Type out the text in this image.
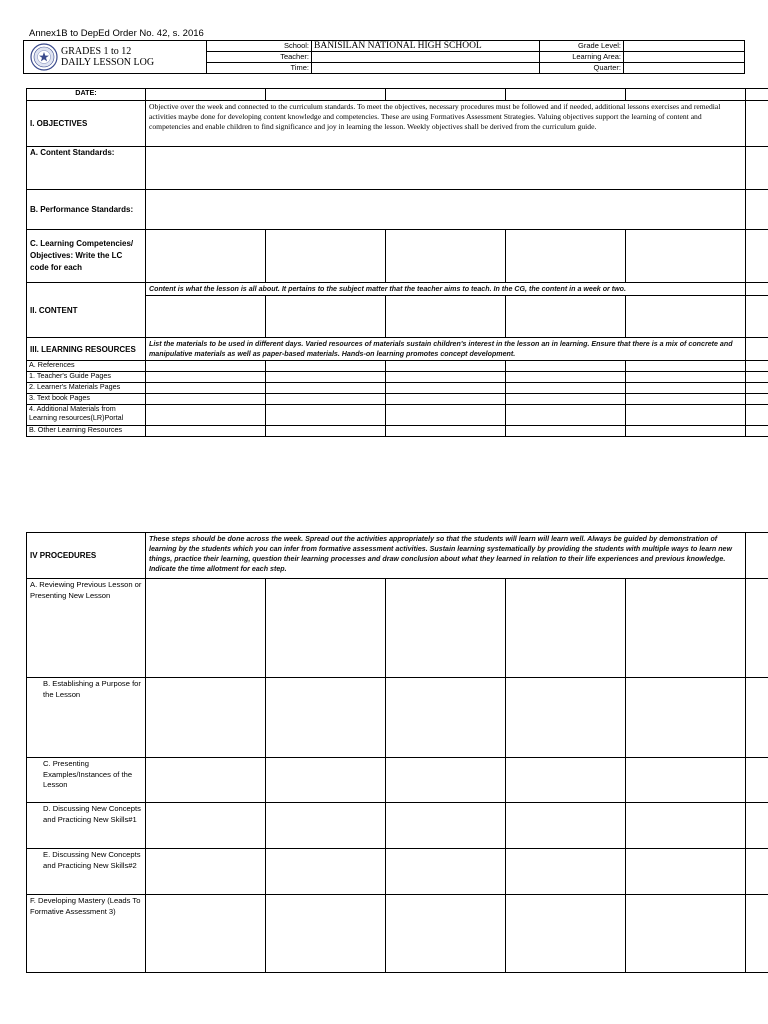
Annex1B to DepEd Order No. 42, s. 2016
GRADES 1 to 12
DAILY LESSON LOG	School:	BANISILAN NATIONAL HIGH SCHOOL	Grade Level:	
	Teacher:		Learning Area:	
	Time:		Quarter:	
DATE:						
I. OBJECTIVES	Objective over the week and connected to the curriculum standards. To meet the objectives, necessary procedures must be followed and if needed, additional lessons exercises and remedial activities maybe done for developing content knowledge and competencies. These are using Formatives Assessment Strategies. Valuing objectives support the learning of content and competencies and enable children to find significance and joy in learning the lesson. Weekly objectives shall be derived from the curriculum guide.					
A. Content Standards:						
B. Performance Standards:						
C. Learning Competencies/ Objectives: Write the LC code for each						
II. CONTENT	Content is what the lesson is all about. It pertains to the subject matter that the teacher aims to teach. In the CG, the content in a week or two.					

III. LEARNING RESOURCES	List the materials to be used in different days. Varied resources of materials sustain children's interest in the lesson an in learning. Ensure that there is a mix of concrete and manipulative materials as well as paper-based materials. Hands-on learning promotes concept development.					
A. References						
1. Teacher's Guide Pages						
2. Learner's Materials Pages						
3. Text book Pages						
4. Additional Materials from Learning resources(LR)Portal						
B. Other Learning Resources						
IV PROCEDURES	These steps should be done across the week. Spread out the activities appropriately so that the students will learn will learn well. Always be guided by demonstration of learning by the students which you can infer from formative assessment activities. Sustain learning systematically by providing the students with multiple ways to learn new things, practice their learning, question their learning processes and draw conclusion about what they learned in relation to their life experiences and previous knowledge. Indicate the time allotment for each step.					
A. Reviewing Previous Lesson or Presenting New Lesson						
B. Establishing a Purpose for the Lesson						
C. Presenting Examples/Instances of the Lesson						
D. Discussing New Concepts and Practicing New Skills#1						
E. Discussing New Concepts and Practicing New Skills#2						
F. Developing Mastery (Leads To Formative Assessment 3)						
